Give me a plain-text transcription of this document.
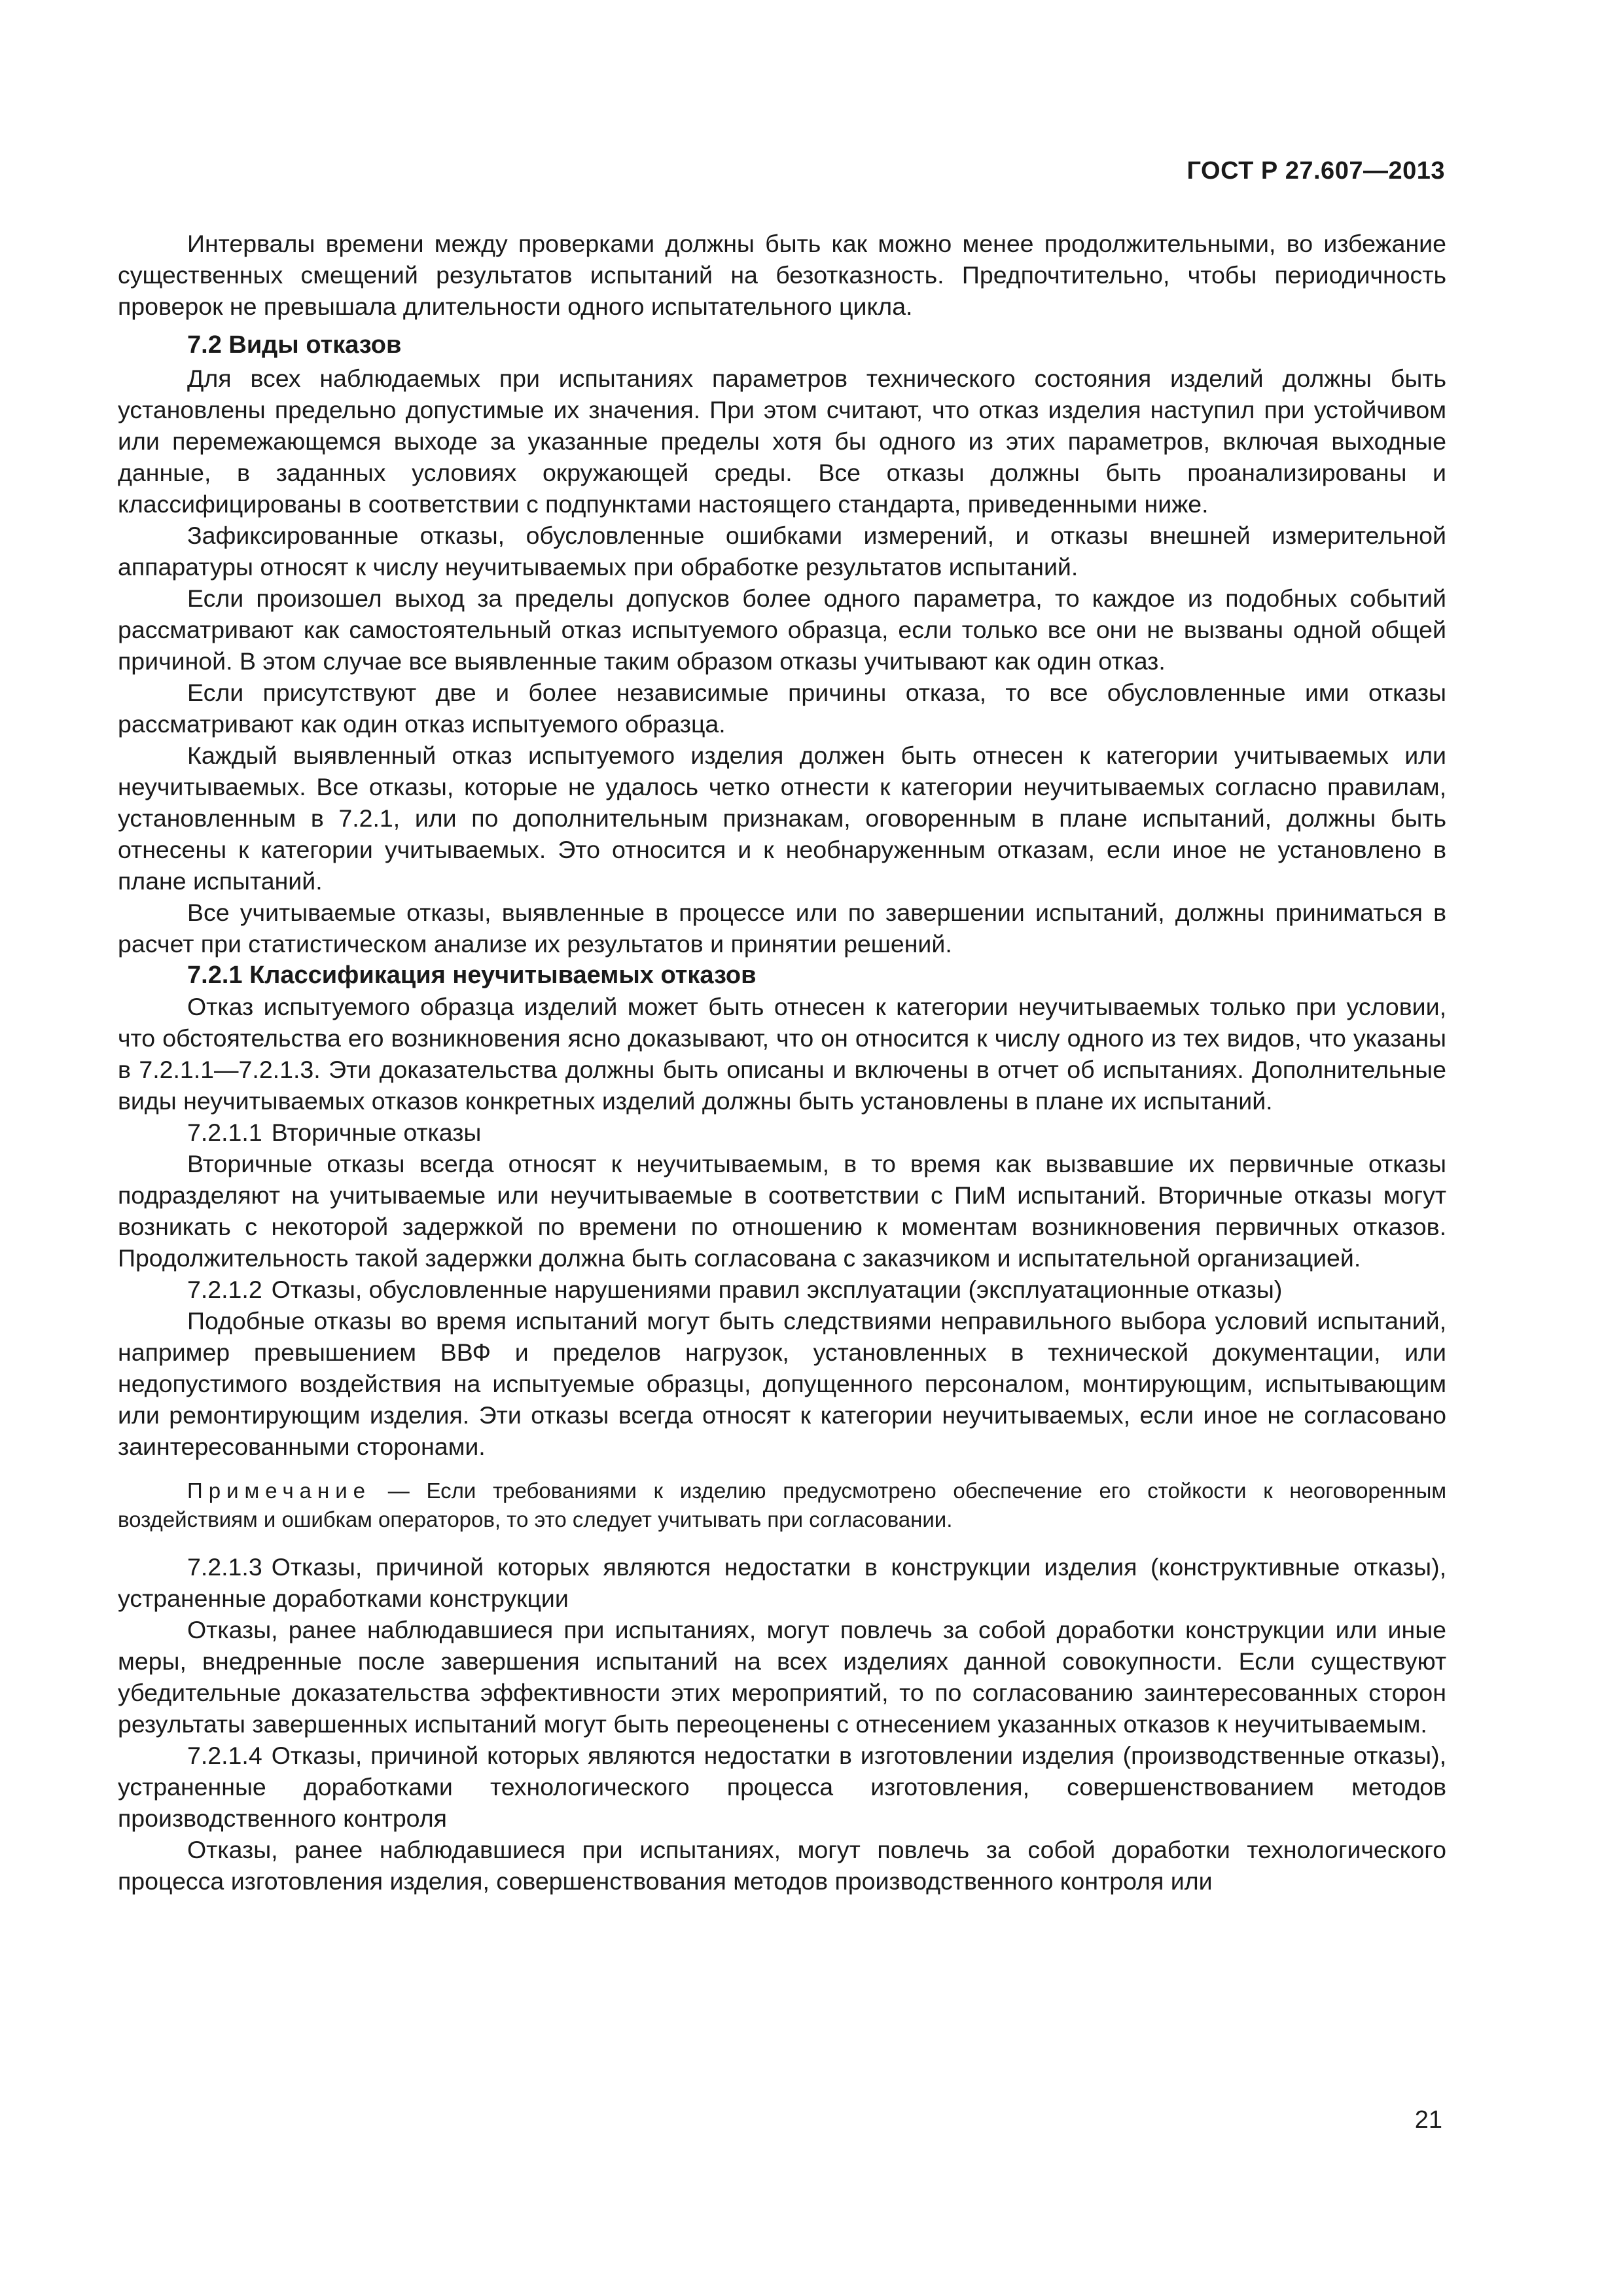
ГОСТ Р 27.607—2013

Интервалы времени между проверками должны быть как можно менее продолжительными, во избежание существенных смещений результатов испытаний на безотказность. Предпочтительно, чтобы периодичность проверок не превышала длительности одного испытательного цикла.

7.2 Виды отказов

Для всех наблюдаемых при испытаниях параметров технического состояния изделий должны быть установлены предельно допустимые их значения. При этом считают, что отказ изделия наступил при устойчивом или перемежающемся выходе за указанные пределы хотя бы одного из этих параметров, включая выходные данные, в заданных условиях окружающей среды. Все отказы должны быть проанализированы и классифицированы в соответствии с подпунктами настоящего стандарта, приведенными ниже.

Зафиксированные отказы, обусловленные ошибками измерений, и отказы внешней измерительной аппаратуры относят к числу неучитываемых при обработке результатов испытаний.

Если произошел выход за пределы допусков более одного параметра, то каждое из подобных событий рассматривают как самостоятельный отказ испытуемого образца, если только все они не вызваны одной общей причиной. В этом случае все выявленные таким образом отказы учитывают как один отказ.

Если присутствуют две и более независимые причины отказа, то все обусловленные ими отказы рассматривают как один отказ испытуемого образца.

Каждый выявленный отказ испытуемого изделия должен быть отнесен к категории учитываемых или неучитываемых. Все отказы, которые не удалось четко отнести к категории неучитываемых согласно правилам, установленным в 7.2.1, или по дополнительным признакам, оговоренным в плане испытаний, должны быть отнесены к категории учитываемых. Это относится и к необнаруженным отказам, если иное не установлено в плане испытаний.

Все учитываемые отказы, выявленные в процессе или по завершении испытаний, должны приниматься в расчет при статистическом анализе их результатов и принятии решений.

7.2.1 Классификация неучитываемых отказов

Отказ испытуемого образца изделий может быть отнесен к категории неучитываемых только при условии, что обстоятельства его возникновения ясно доказывают, что он относится к числу одного из тех видов, что указаны в 7.2.1.1—7.2.1.3. Эти доказательства должны быть описаны и включены в отчет об испытаниях. Дополнительные виды неучитываемых отказов конкретных изделий должны быть установлены в плане их испытаний.

7.2.1.1 Вторичные отказы

Вторичные отказы всегда относят к неучитываемым, в то время как вызвавшие их первичные отказы подразделяют на учитываемые или неучитываемые в соответствии с ПиМ испытаний. Вторичные отказы могут возникать с некоторой задержкой по времени по отношению к моментам возникновения первичных отказов. Продолжительность такой задержки должна быть согласована с заказчиком и испытательной организацией.

7.2.1.2 Отказы, обусловленные нарушениями правил эксплуатации (эксплуатационные отказы)

Подобные отказы во время испытаний могут быть следствиями неправильного выбора условий испытаний, например превышением ВВФ и пределов нагрузок, установленных в технической документации, или недопустимого воздействия на испытуемые образцы, допущенного персоналом, монтирующим, испытывающим или ремонтирующим изделия. Эти отказы всегда относят к категории неучитываемых, если иное не согласовано заинтересованными сторонами.

Примечание — Если требованиями к изделию предусмотрено обеспечение его стойкости к неоговоренным воздействиям и ошибкам операторов, то это следует учитывать при согласовании.

7.2.1.3 Отказы, причиной которых являются недостатки в конструкции изделия (конструктивные отказы), устраненные доработками конструкции

Отказы, ранее наблюдавшиеся при испытаниях, могут повлечь за собой доработки конструкции или иные меры, внедренные после завершения испытаний на всех изделиях данной совокупности. Если существуют убедительные доказательства эффективности этих мероприятий, то по согласованию заинтересованных сторон результаты завершенных испытаний могут быть переоценены с отнесением указанных отказов к неучитываемым.

7.2.1.4 Отказы, причиной которых являются недостатки в изготовлении изделия (производственные отказы), устраненные доработками технологического процесса изготовления, совершенствованием методов производственного контроля

Отказы, ранее наблюдавшиеся при испытаниях, могут повлечь за собой доработки технологического процесса изготовления изделия, совершенствования методов производственного контроля или

21
